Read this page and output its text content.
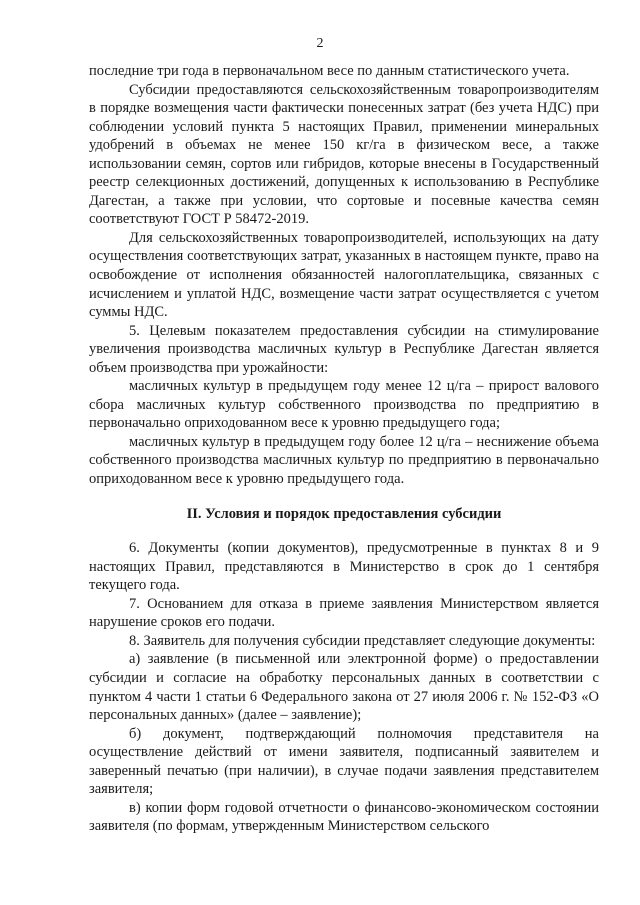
2

последние три года в первоначальном весе по данным статистического учета.

Субсидии предоставляются сельскохозяйственным товаропроизводителям в порядке возмещения части фактически понесенных затрат (без учета НДС) при соблюдении условий пункта 5 настоящих Правил, применении минеральных удобрений в объемах не менее 150 кг/га в физическом весе, а также использовании семян, сортов или гибридов, которые внесены в Государственный реестр селекционных достижений, допущенных к использованию в Республике Дагестан, а также при условии, что сортовые и посевные качества семян соответствуют ГОСТ Р 58472-2019.

Для сельскохозяйственных товаропроизводителей, использующих на дату осуществления соответствующих затрат, указанных в настоящем пункте, право на освобождение от исполнения обязанностей налогоплательщика, связанных с исчислением и уплатой НДС, возмещение части затрат осуществляется с учетом суммы НДС.

5. Целевым показателем предоставления субсидии на стимулирование увеличения производства масличных культур в Республике Дагестан является объем производства при урожайности:

масличных культур в предыдущем году менее 12 ц/га – прирост валового сбора масличных культур собственного производства по предприятию в первоначально оприходованном весе к уровню предыдущего года;

масличных культур в предыдущем году более 12 ц/га – неснижение объема собственного производства масличных культур по предприятию в первоначально оприходованном весе к уровню предыдущего года.

II. Условия и порядок предоставления субсидии

6. Документы (копии документов), предусмотренные в пунктах 8 и 9 настоящих Правил, представляются в Министерство в срок до 1 сентября текущего года.

7. Основанием для отказа в приеме заявления Министерством является нарушение сроков его подачи.

8. Заявитель для получения субсидии представляет следующие документы:

а) заявление (в письменной или электронной форме) о предоставлении субсидии и согласие на обработку персональных данных в соответствии с пунктом 4 части 1 статьи 6 Федерального закона от 27 июля 2006 г. № 152-ФЗ «О персональных данных» (далее – заявление);

б) документ, подтверждающий полномочия представителя на осуществление действий от имени заявителя, подписанный заявителем и заверенный печатью (при наличии), в случае подачи заявления представителем заявителя;

в) копии форм годовой отчетности о финансово-экономическом состоянии заявителя (по формам, утвержденным Министерством сельского
